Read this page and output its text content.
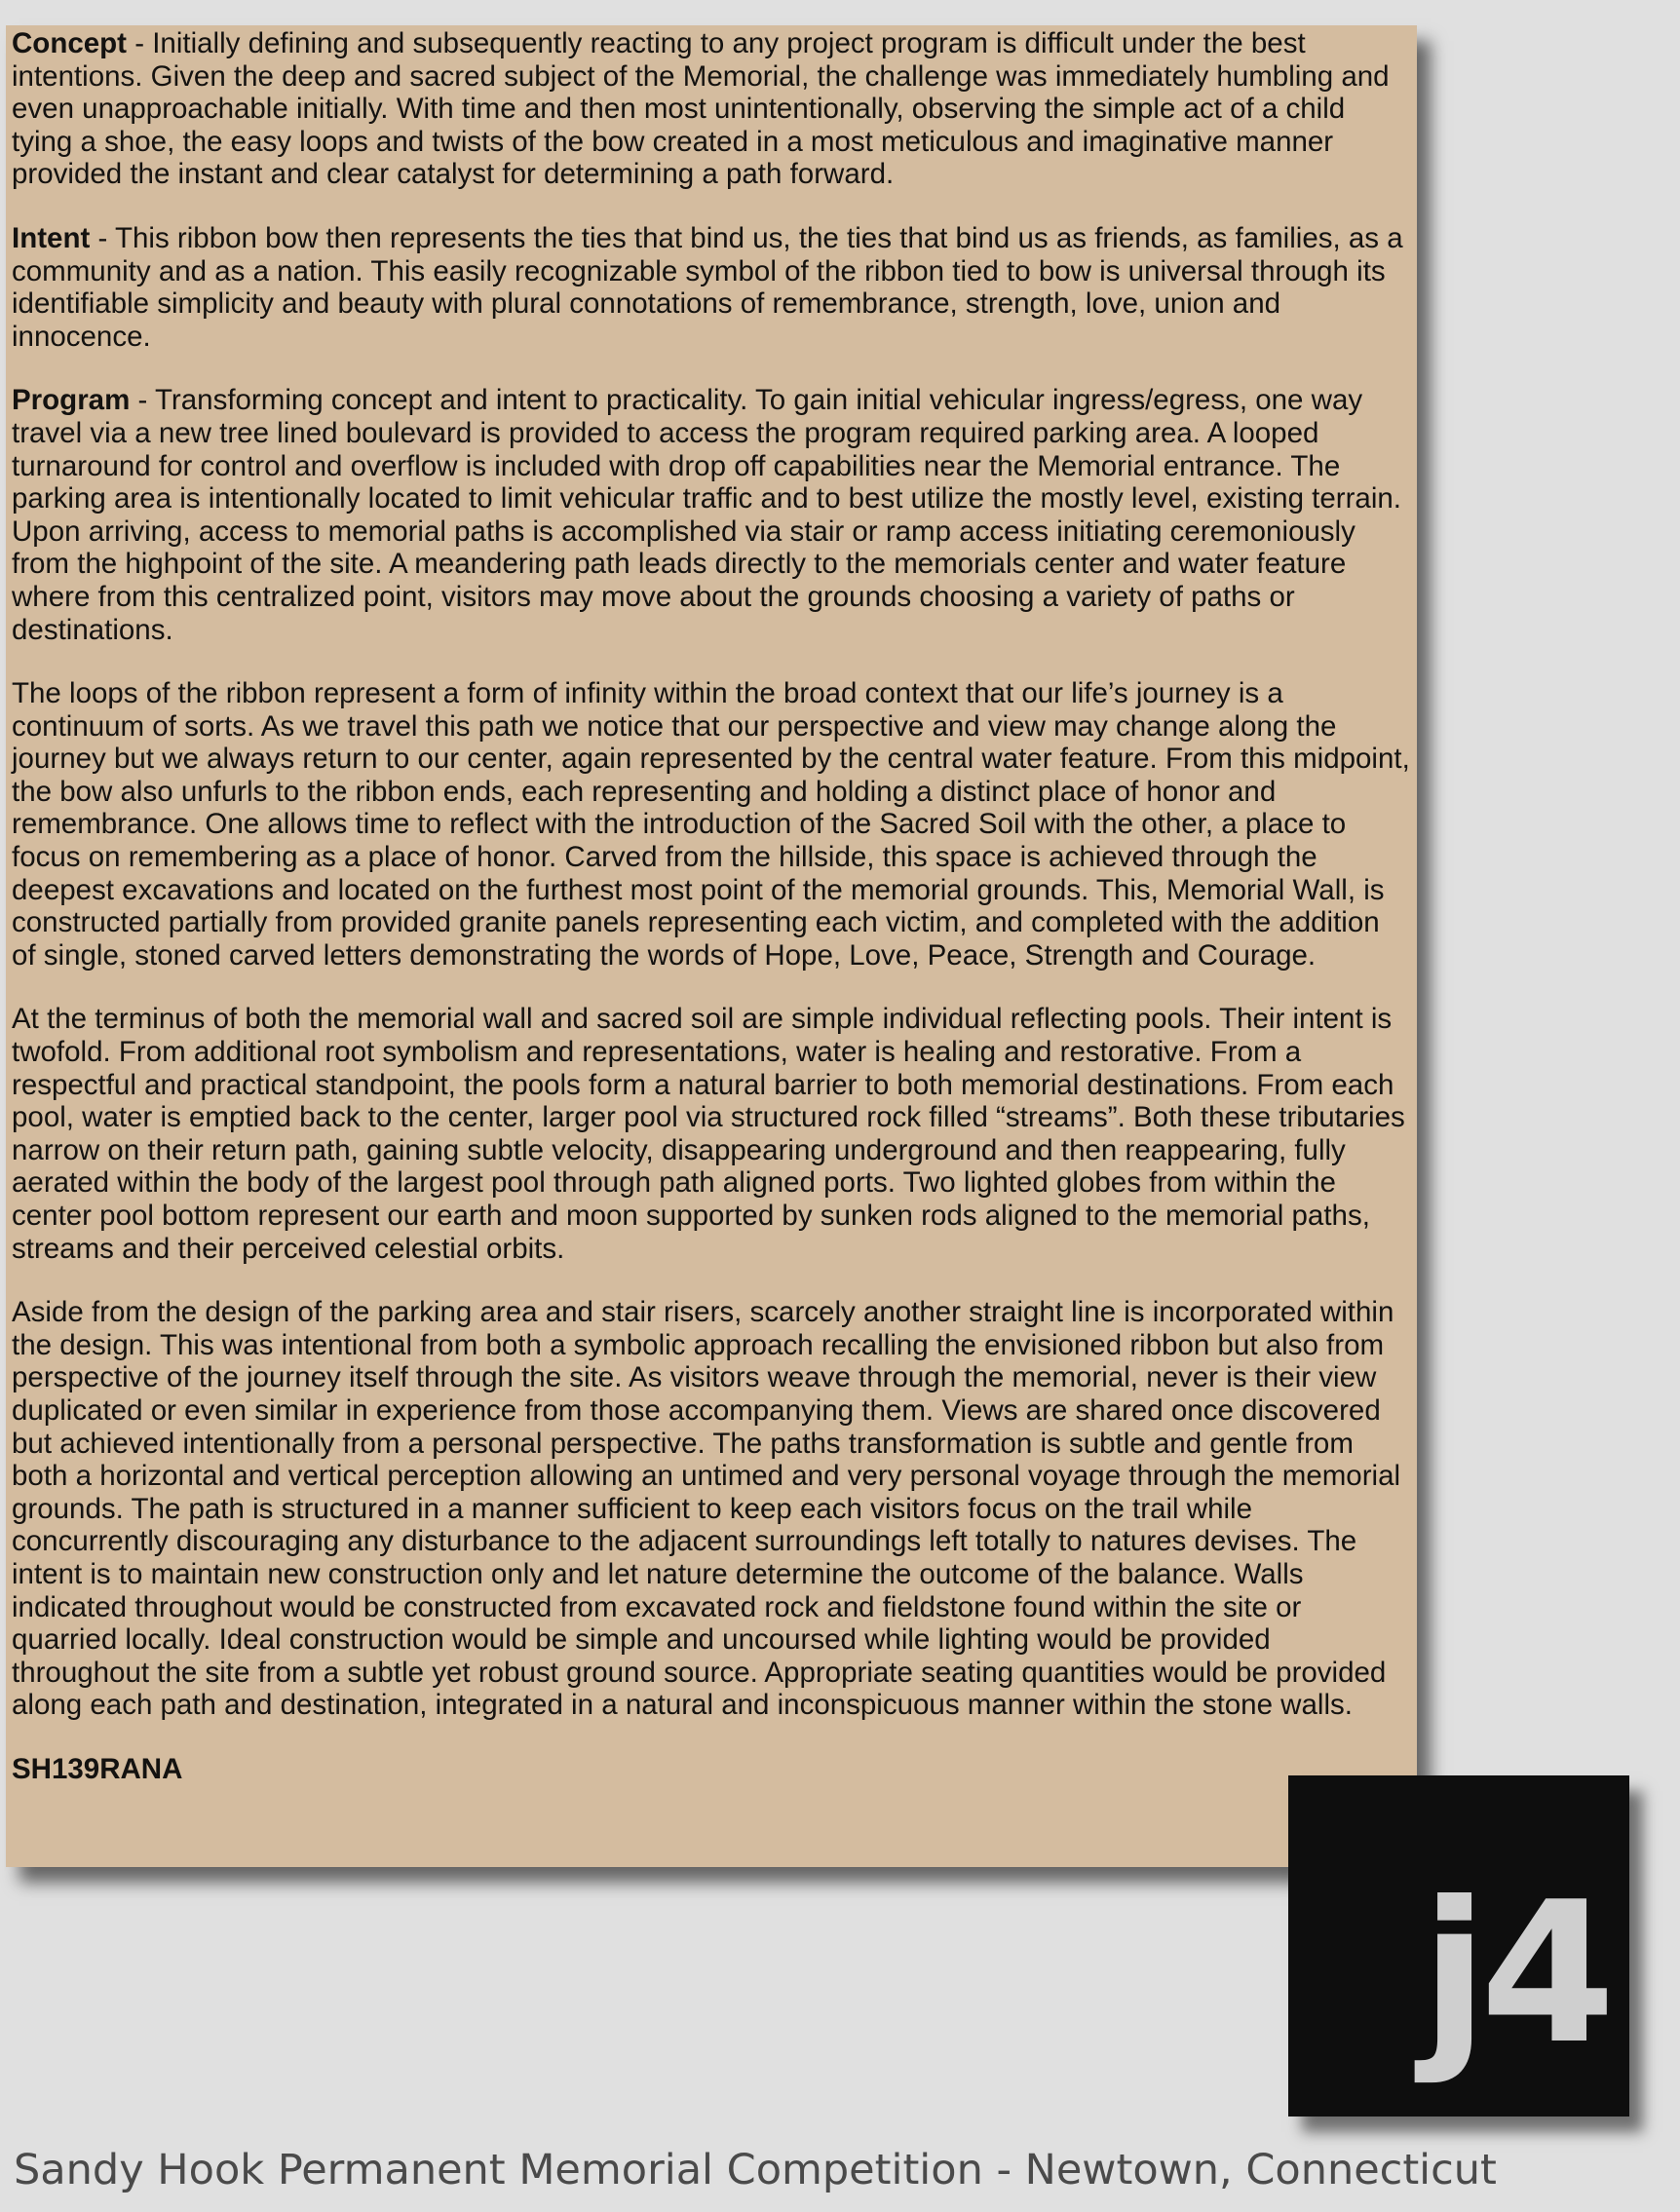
Concept - Initially defining and subsequently reacting to any project program is difficult under the best intentions. Given the deep and sacred subject of the Memorial, the challenge was immediately humbling and even unapproachable initially. With time and then most unintentionally, observing the simple act of a child tying a shoe, the easy loops and twists of the bow created in a most meticulous and imaginative manner provided the instant and clear catalyst for determining a path forward.

Intent - This ribbon bow then represents the ties that bind us, the ties that bind us as friends, as families, as a community and as a nation. This easily recognizable symbol of the ribbon tied to bow is universal through its identifiable simplicity and beauty with plural connotations of remembrance, strength, love, union and innocence.

Program - Transforming concept and intent to practicality. To gain initial vehicular ingress/egress, one way travel via a new tree lined boulevard is provided to access the program required parking area. A looped turnaround for control and overflow is included with drop off capabilities near the Memorial entrance. The parking area is intentionally located to limit vehicular traffic and to best utilize the mostly level, existing terrain. Upon arriving, access to memorial paths is accomplished via stair or ramp access initiating ceremoniously from the highpoint of the site. A meandering path leads directly to the memorials center and water feature where from this centralized point, visitors may move about the grounds choosing a variety of paths or destinations.

The loops of the ribbon represent a form of infinity within the broad context that our life’s journey is a continuum of sorts. As we travel this path we notice that our perspective and view may change along the journey but we always return to our center, again represented by the central water feature. From this midpoint, the bow also unfurls to the ribbon ends, each representing and holding a distinct place of honor and remembrance. One allows time to reflect with the introduction of the Sacred Soil with the other, a place to focus on remembering as a place of honor. Carved from the hillside, this space is achieved through the deepest excavations and located on the furthest most point of the memorial grounds. This, Memorial Wall, is constructed partially from provided granite panels representing each victim, and completed with the addition of single, stoned carved letters demonstrating the words of Hope, Love, Peace, Strength and Courage.

At the terminus of both the memorial wall and sacred soil are simple individual reflecting pools. Their intent is twofold. From additional root symbolism and representations, water is healing and restorative. From a respectful and practical standpoint, the pools form a natural barrier to both memorial destinations. From each pool, water is emptied back to the center, larger pool via structured rock filled “streams”. Both these tributaries narrow on their return path, gaining subtle velocity, disappearing underground and then reappearing, fully aerated within the body of the largest pool through path aligned ports. Two lighted globes from within the center pool bottom represent our earth and moon supported by sunken rods aligned to the memorial paths, streams and their perceived celestial orbits.

Aside from the design of the parking area and stair risers, scarcely another straight line is incorporated within the design. This was intentional from both a symbolic approach recalling the envisioned ribbon but also from perspective of the journey itself through the site. As visitors weave through the memorial, never is their view duplicated or even similar in experience from those accompanying them. Views are shared once discovered but achieved intentionally from a personal perspective. The paths transformation is subtle and gentle from both a horizontal and vertical perception allowing an untimed and very personal voyage through the memorial grounds. The path is structured in a manner sufficient to keep each visitors focus on the trail while concurrently discouraging any disturbance to the adjacent surroundings left totally to natures devises. The intent is to maintain new construction only and let nature determine the outcome of the balance. Walls indicated throughout would be constructed from excavated rock and fieldstone found within the site or quarried locally. Ideal construction would be simple and uncoursed while lighting would be provided throughout the site from a subtle yet robust ground source. Appropriate seating quantities would be provided along each path and destination, integrated in a natural and inconspicuous manner within the stone walls.

SH139RANA
j4
Sandy Hook Permanent Memorial Competition - Newtown, Connecticut
